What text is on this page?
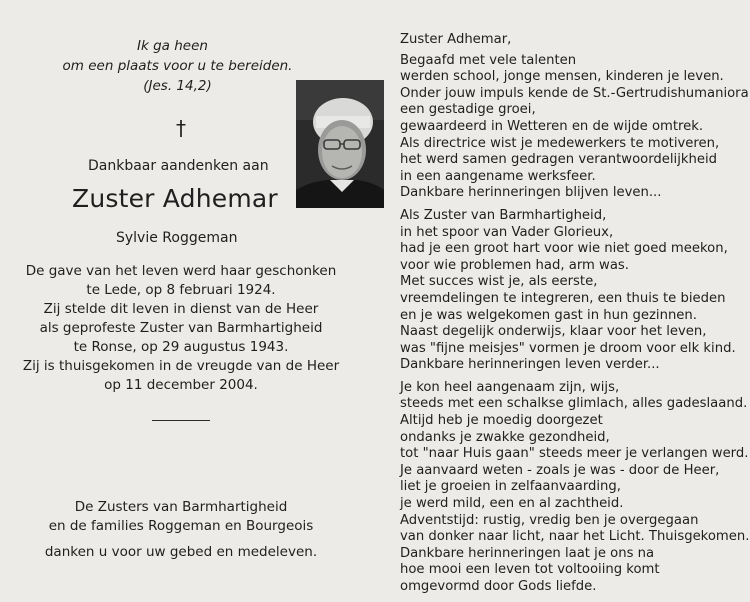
Ik ga heen
om een plaats voor u te bereiden.
(Jes. 14,2)
†
Dankbaar aandenken aan
Zuster Adhemar
Sylvie Roggeman
De gave van het leven werd haar geschonken
te Lede, op 8 februari 1924.
Zij stelde dit leven in dienst van de Heer
als geprofeste Zuster van Barmhartigheid
te Ronse, op 29 augustus 1943.
Zij is thuisgekomen in de vreugde van de Heer
op 11 december 2004.
De Zusters van Barmhartigheid
en de families Roggeman en Bourgeois
danken u voor uw gebed en medeleven.
Zuster Adhemar,
Begaafd met vele talenten
werden school, jonge mensen, kinderen je leven.
Onder jouw impuls kende de St.-Gertrudishumaniora
een gestadige groei,
gewaardeerd in Wetteren en de wijde omtrek.
Als directrice wist je medewerkers te motiveren,
het werd samen gedragen verantwoordelijkheid
in een aangename werksfeer.
Dankbare herinneringen blijven leven...
Als Zuster van Barmhartigheid,
in het spoor van Vader Glorieux,
had je een groot hart voor wie niet goed meekon,
voor wie problemen had, arm was.
Met succes wist je, als eerste,
vreemdelingen te integreren, een thuis te bieden
en je was welgekomen gast in hun gezinnen.
Naast degelijk onderwijs, klaar voor het leven,
was "fijne meisjes" vormen je droom voor elk kind.
Dankbare herinneringen leven verder...
Je kon heel aangenaam zijn, wijs,
steeds met een schalkse glimlach, alles gadeslaand.
Altijd heb je moedig doorgezet
ondanks je zwakke gezondheid,
tot "naar Huis gaan" steeds meer je verlangen werd.
Je aanvaard weten - zoals je was - door de Heer,
liet je groeien in zelfaanvaarding,
je werd mild, een en al zachtheid.
Adventstijd: rustig, vredig ben je overgegaan
van donker naar licht, naar het Licht. Thuisgekomen.
Dankbare herinneringen laat je ons na
hoe mooi een leven tot voltooiing komt
omgevormd door Gods liefde.
